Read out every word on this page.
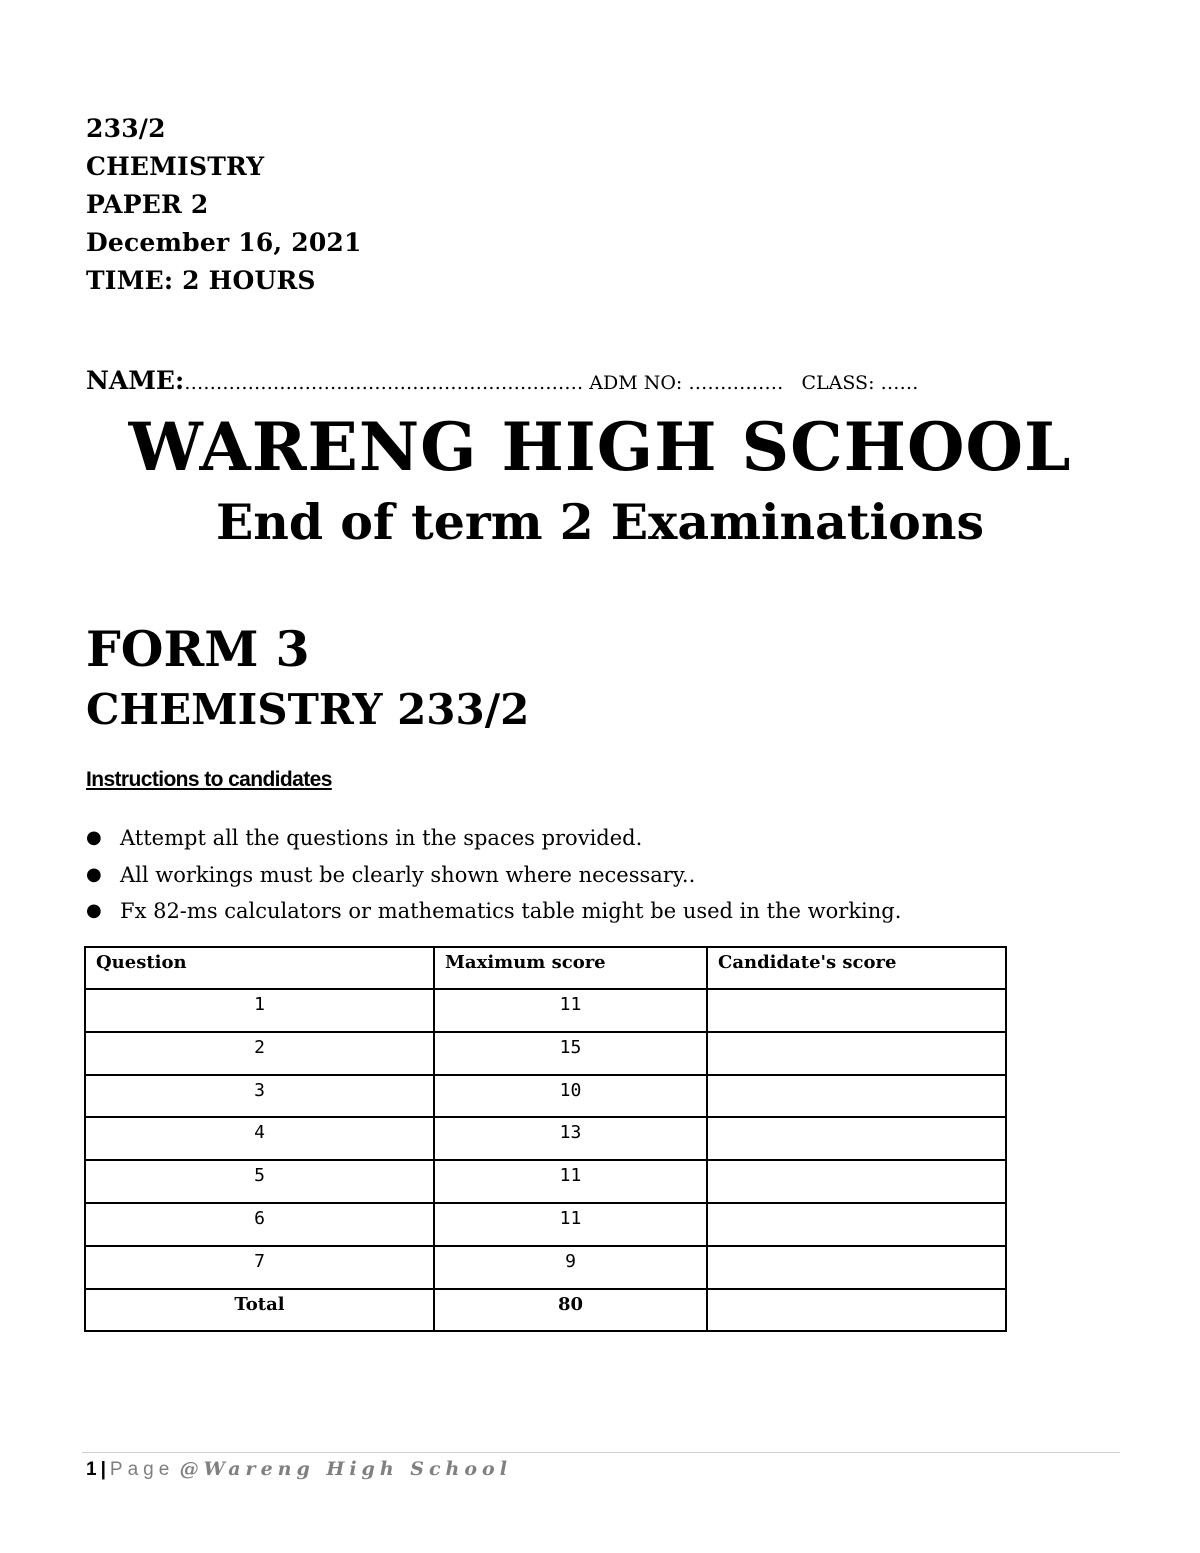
233/2
CHEMISTRY
PAPER 2
December 16, 2021
TIME: 2 HOURS
NAME:……………………………………………………… ADM NO: …………… CLASS: ……
WARENG HIGH SCHOOL
End of term 2 Examinations
FORM 3
CHEMISTRY 233/2
Instructions to candidates
● Attempt all the questions in the spaces provided.
● All workings must be clearly shown where necessary..
● Fx 82-ms calculators or mathematics table might be used in the working.
Question	Maximum score	Candidate's score
1	11	
2	15	
3	10	
4	13	
5	11	
6	11	
7	9	
Total	80	
1 | Page @Wareng High School
